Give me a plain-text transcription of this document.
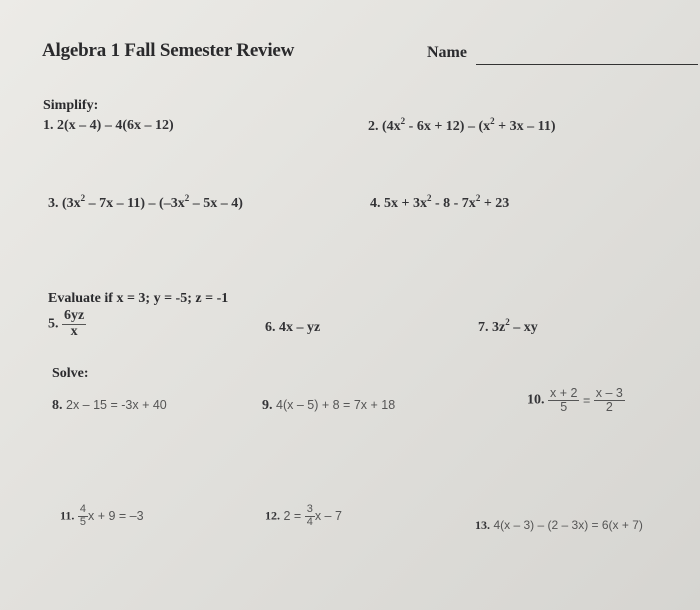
Algebra 1 Fall Semester Review	Name
Simplify:
1. 2(x – 4) – 4(6x – 12)	2. $(4x^2 - 6x + 12) - (x^2 + 3x - 11)$
3. $(3x^2 - 7x - 11) - (-3x^2 - 5x - 4)$	4. $5x + 3x^2 - 8 - 7x^2 + 23$
Evaluate if x = 3; y = -5; z = -1
5. $\frac{6yz}{x}$	6. 4x – yz	7. $3z^2$ – xy
Solve:
8. 2x – 15 = -3x + 40	9. 4(x – 5) + 8 = 7x + 18	10. $\frac{x + 2}{5} = \frac{x - 3}{2}$
11. $\frac{4}{5}$ x + 9 = –3	12. $2 = \frac{3}{4}$ x – 7
13. 4(x – 3) – (2 – 3x) = 6(x + 7)
